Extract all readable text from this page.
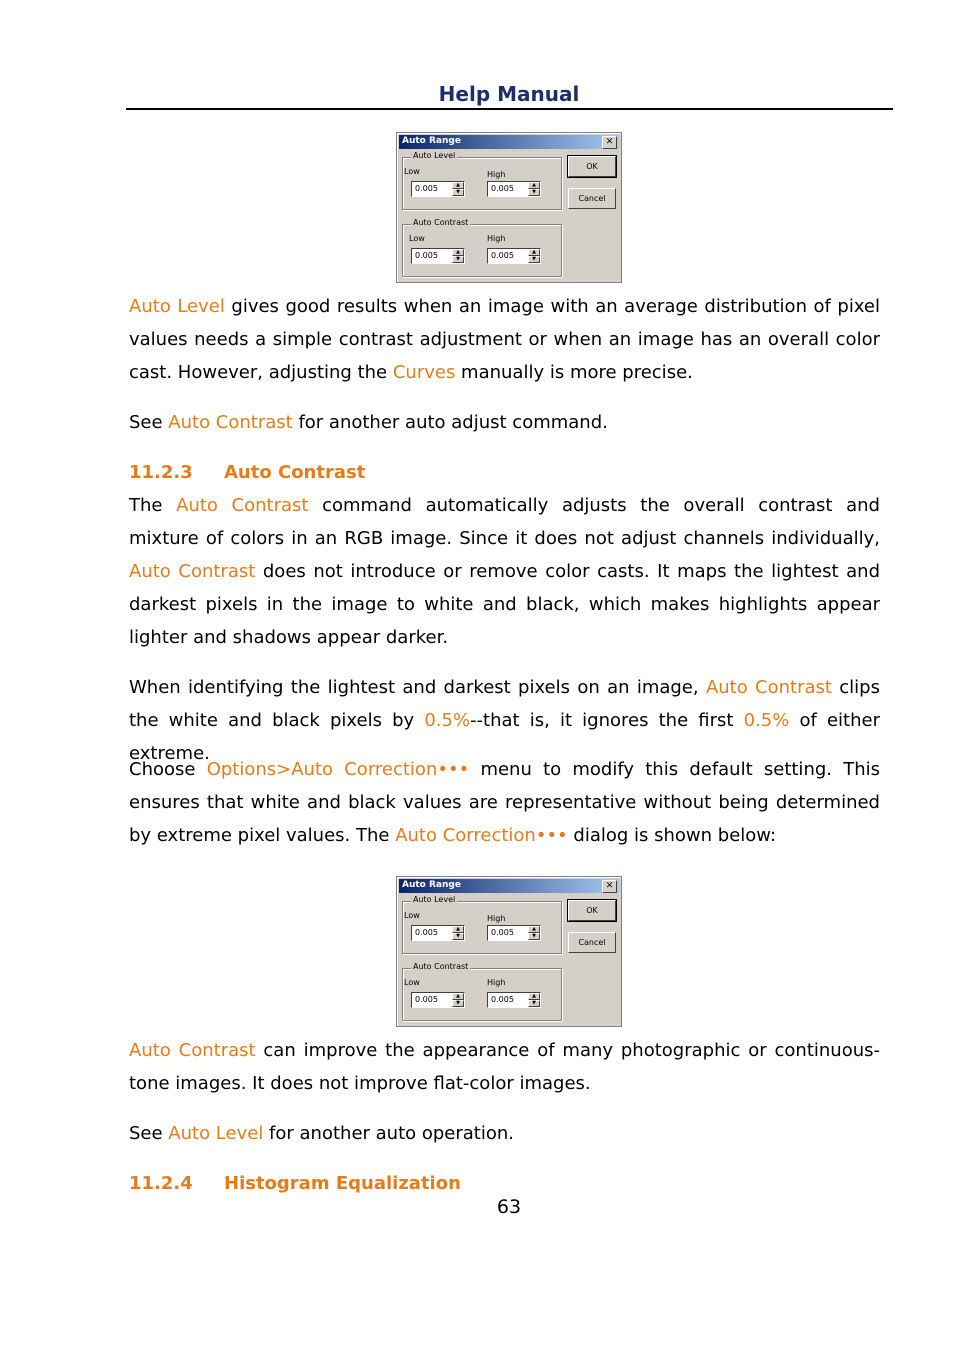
Help Manual
Auto Range	✕
Auto Level
Low	High
0.005	▲
▼	0.005	▲
▼
Auto Contrast
Low	High
0.005	▲
▼	0.005	▲
▼
OK
Cancel

Auto Level gives good results when an image with an average distribution of pixel values needs a simple contrast adjustment or when an image has an overall color cast. However, adjusting the Curves manually is more precise.

See Auto Contrast for another auto adjust command.

11.2.3 Auto Contrast

The Auto Contrast command automatically adjusts the overall contrast and mixture of colors in an RGB image. Since it does not adjust channels individually, Auto Contrast does not introduce or remove color casts. It maps the lightest and darkest pixels in the image to white and black, which makes highlights appear lighter and shadows appear darker.

When identifying the lightest and darkest pixels on an image, Auto Contrast clips the white and black pixels by 0.5%--that is, it ignores the first 0.5% of either extreme.

Choose Options>Auto Correction••• menu to modify this default setting. This ensures that white and black values are representative without being determined by extreme pixel values. The Auto Correction••• dialog is shown below:

Auto Range	✕
Auto Level
Low	High
0.005	▲
▼	0.005	▲
▼
Auto Contrast
Low	High
0.005	▲
▼	0.005	▲
▼
OK
Cancel

Auto Contrast can improve the appearance of many photographic or continuous-tone images. It does not improve flat-color images.

See Auto Level for another auto operation.

11.2.4 Histogram Equalization
63
